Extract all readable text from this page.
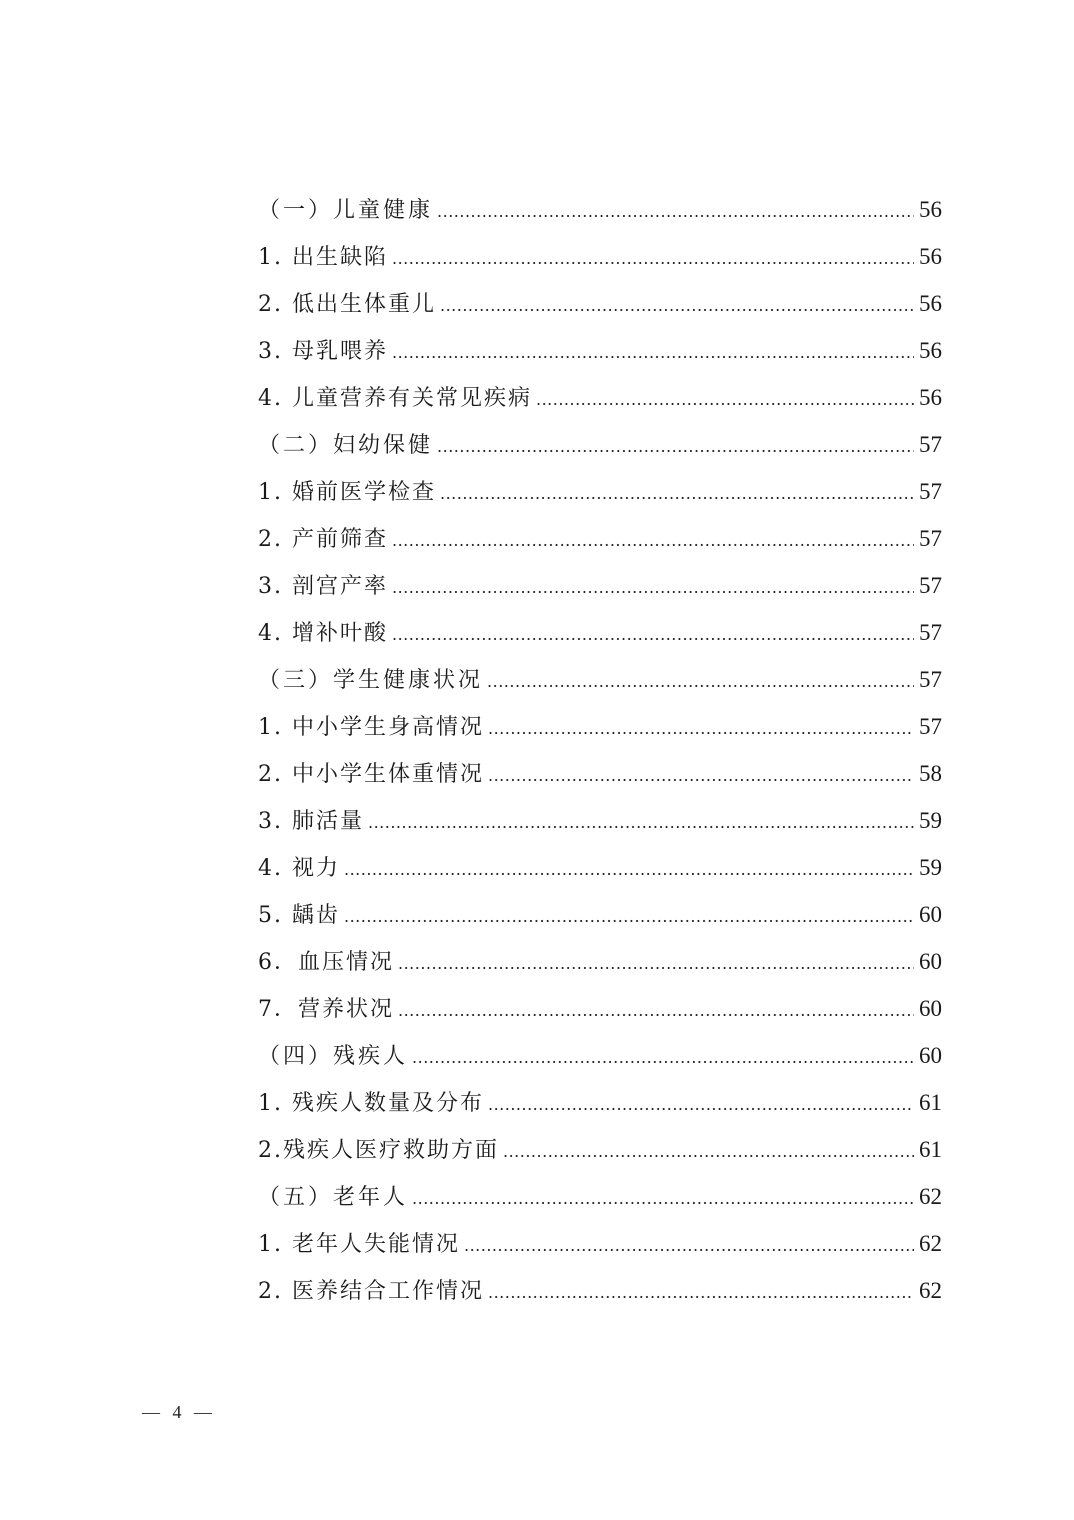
（一）儿童健康 .....	56
1. 出生缺陷 .....	56
2. 低出生体重儿 .....	56
3. 母乳喂养 .....	56
4. 儿童营养有关常见疾病 .....	56
（二）妇幼保健 .....	57
1. 婚前医学检查 .....	57
2. 产前筛查 .....	57
3. 剖宫产率 .....	57
4. 增补叶酸 .....	57
（三）学生健康状况 .....	57
1. 中小学生身高情况 .....	57
2. 中小学生体重情况 .....	58
3. 肺活量 .....	59
4. 视力 .....	59
5. 龋齿 .....	60
6．血压情况 .....	60
7．营养状况 .....	60
（四）残疾人 .....	60
1. 残疾人数量及分布 .....	61
2.残疾人医疗救助方面 .....	61
（五）老年人 .....	62
1. 老年人失能情况 .....	62
2. 医养结合工作情况 .....	62
— 4 —
